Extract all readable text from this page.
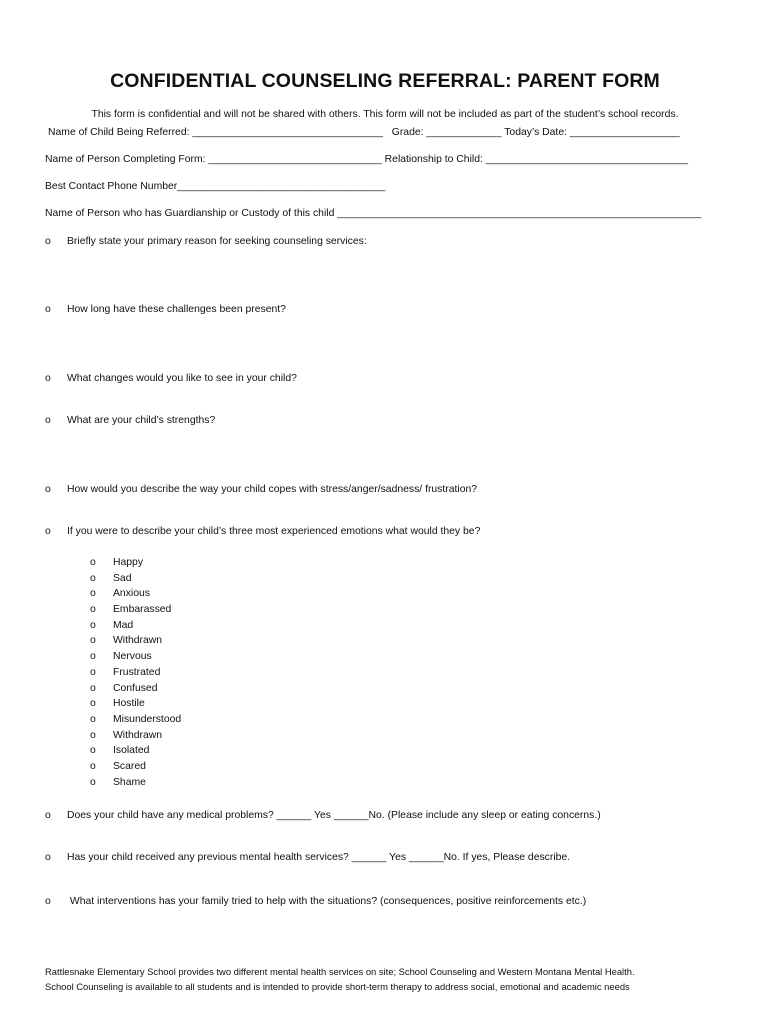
CONFIDENTIAL COUNSELING REFERRAL: PARENT FORM
This form is confidential and will not be shared with others. This form will not be included as part of the student’s school records.
Name of Child Being Referred: _________________________________   Grade: _____________ Today’s Date: ___________________
Name of Person Completing Form: ______________________________ Relationship to Child: ___________________________________
Best Contact Phone Number____________________________________
Name of Person who has Guardianship or Custody of this child _______________________________________________________________
o Briefly state your primary reason for seeking counseling services:
o How long have these challenges been present?
o What changes would you like to see in your child?
o What are your child’s strengths?
o How would you describe the way your child copes with stress/anger/sadness/ frustration?
o If you were to describe your child’s three most experienced emotions what would they be?
o Happy
o Sad
o Anxious
o Embarassed
o Mad
o Withdrawn
o Nervous
o Frustrated
o Confused
o Hostile
o Misunderstood
o Withdrawn
o Isolated
o Scared
o Shame
o Does your child have any medical problems? ______ Yes ______No. (Please include any sleep or eating concerns.)
o Has your child received any previous mental health services? ______ Yes ______No. If yes, Please describe.
o What interventions has your family tried to help with the situations? (consequences, positive reinforcements etc.)
Rattlesnake Elementary School provides two different mental health services on site; School Counseling and Western Montana Mental Health.
School Counseling is available to all students and is intended to provide short-term therapy to address social, emotional and academic needs
